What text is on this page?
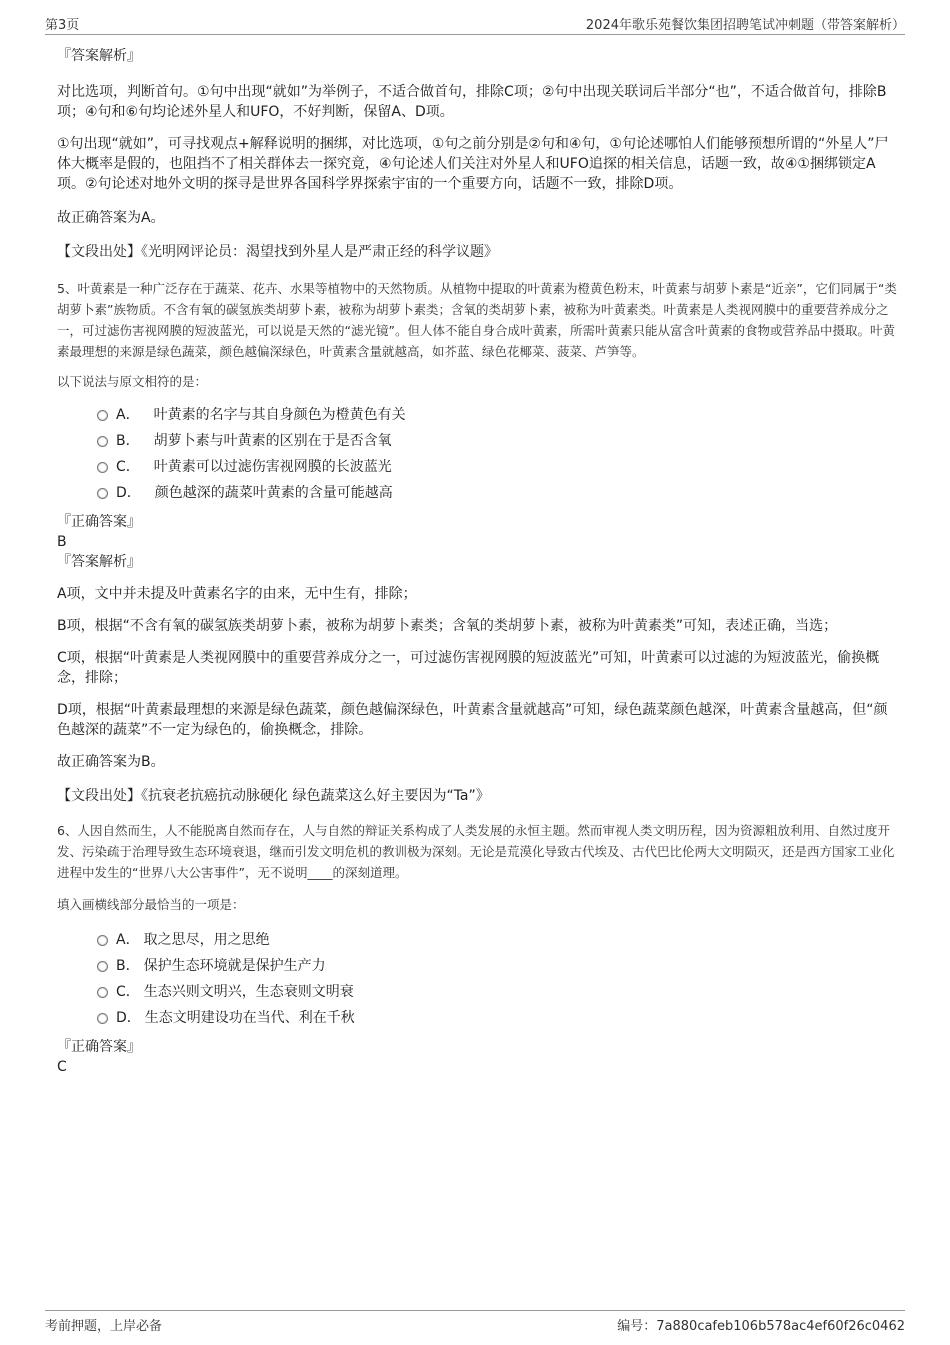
第3页	2024年歌乐苑餐饮集团招聘笔试冲刺题（带答案解析）

『答案解析』

对比选项，判断首句。①句中出现“就如”为举例子，不适合做首句，排除C项；②句中出现关联词后半部分“也”，不适合做首句，排除B项；④句和⑥句均论述外星人和UFO，不好判断，保留A、D项。

①句出现“就如”，可寻找观点+解释说明的捆绑，对比选项，①句之前分别是②句和④句，①句论述哪怕人们能够预想所谓的“外星人”尸体大概率是假的，也阻挡不了相关群体去一探究竟，④句论述人们关注对外星人和UFO追探的相关信息，话题一致，故④①捆绑锁定A项。②句论述对地外文明的探寻是世界各国科学界探索宇宙的一个重要方向，话题不一致，排除D项。

故正确答案为A。

【文段出处】《光明网评论员：渴望找到外星人是严肃正经的科学议题》

5、叶黄素是一种广泛存在于蔬菜、花卉、水果等植物中的天然物质。从植物中提取的叶黄素为橙黄色粉末，叶黄素与胡萝卜素是“近亲”，它们同属于“类胡萝卜素”族物质。不含有氧的碳氢族类胡萝卜素，被称为胡萝卜素类；含氧的类胡萝卜素，被称为叶黄素类。叶黄素是人类视网膜中的重要营养成分之一，可过滤伤害视网膜的短波蓝光，可以说是天然的“滤光镜”。但人体不能自身合成叶黄素，所需叶黄素只能从富含叶黄素的食物或营养品中摄取。叶黄素最理想的来源是绿色蔬菜，颜色越偏深绿色，叶黄素含量就越高，如芥蓝、绿色花椰菜、菠菜、芦笋等。

以下说法与原文相符的是：

A． 叶黄素的名字与其自身颜色为橙黄色有关
B． 胡萝卜素与叶黄素的区别在于是否含氧
C． 叶黄素可以过滤伤害视网膜的长波蓝光
D． 颜色越深的蔬菜叶黄素的含量可能越高

『正确答案』

B

『答案解析』

A项，文中并未提及叶黄素名字的由来，无中生有，排除；

B项，根据“不含有氧的碳氢族类胡萝卜素，被称为胡萝卜素类；含氧的类胡萝卜素，被称为叶黄素类”可知，表述正确，当选；

C项，根据“叶黄素是人类视网膜中的重要营养成分之一，可过滤伤害视网膜的短波蓝光”可知，叶黄素可以过滤的为短波蓝光，偷换概念，排除；

D项，根据“叶黄素最理想的来源是绿色蔬菜，颜色越偏深绿色，叶黄素含量就越高”可知，绿色蔬菜颜色越深，叶黄素含量越高，但“颜色越深的蔬菜”不一定为绿色的，偷换概念，排除。

故正确答案为B。

【文段出处】《抗衰老抗癌抗动脉硬化 绿色蔬菜这么好主要因为“Ta”》

6、人因自然而生，人不能脱离自然而存在，人与自然的辩证关系构成了人类发展的永恒主题。然而审视人类文明历程，因为资源粗放利用、自然过度开发、污染疏于治理导致生态环境衰退，继而引发文明危机的教训极为深刻。无论是荒漠化导致古代埃及、古代巴比伦两大文明陨灭，还是西方国家工业化进程中发生的“世界八大公害事件”，无不说明____的深刻道理。

填入画横线部分最恰当的一项是：

A． 取之思尽，用之思绝
B． 保护生态环境就是保护生产力
C． 生态兴则文明兴，生态衰则文明衰
D． 生态文明建设功在当代、利在千秋

『正确答案』

C

考前押题，上岸必备	编号：7a880cafeb106b578ac4ef60f26c0462
